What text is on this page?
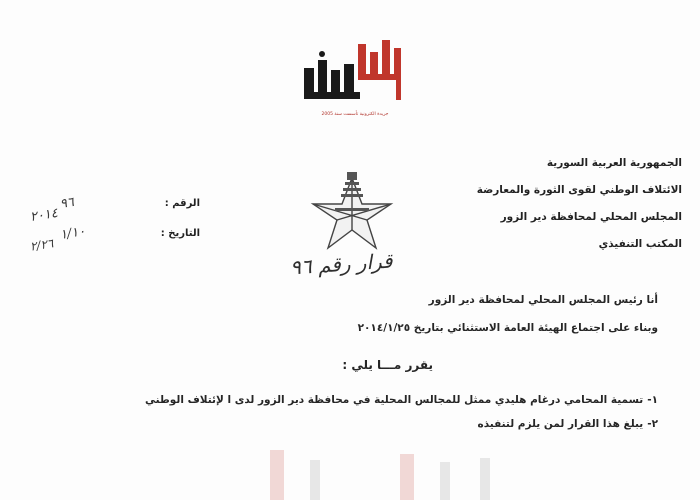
جريدة الكترونية تأسست سنة 2005
الجمهورية العربية السورية
الائتلاف الوطني لقوى الثورة والمعارضة
المجلس المحلي لمحافظة دير الزور
المكتب التنفيذي
الرقم :
التاريخ :
٩٦
٢٠١٤
١/١٠
٢/٢٦
قرار رقم ٩٦
أنا رئيس المجلس المحلي لمحافظة دير الزور
وبناء على اجتماع الهيئة العامة الاستثنائي بتاريخ ٢٠١٤/١/٢٥
يقرر مـــا يلي :
١-تسمية المحامي درغام هليدي ممثل للمجالس المحلية في محافظة دير الزور لدى ا لإئتلاف الوطني
٢-يبلغ هذا القرار لمن يلزم لتنفيذه
